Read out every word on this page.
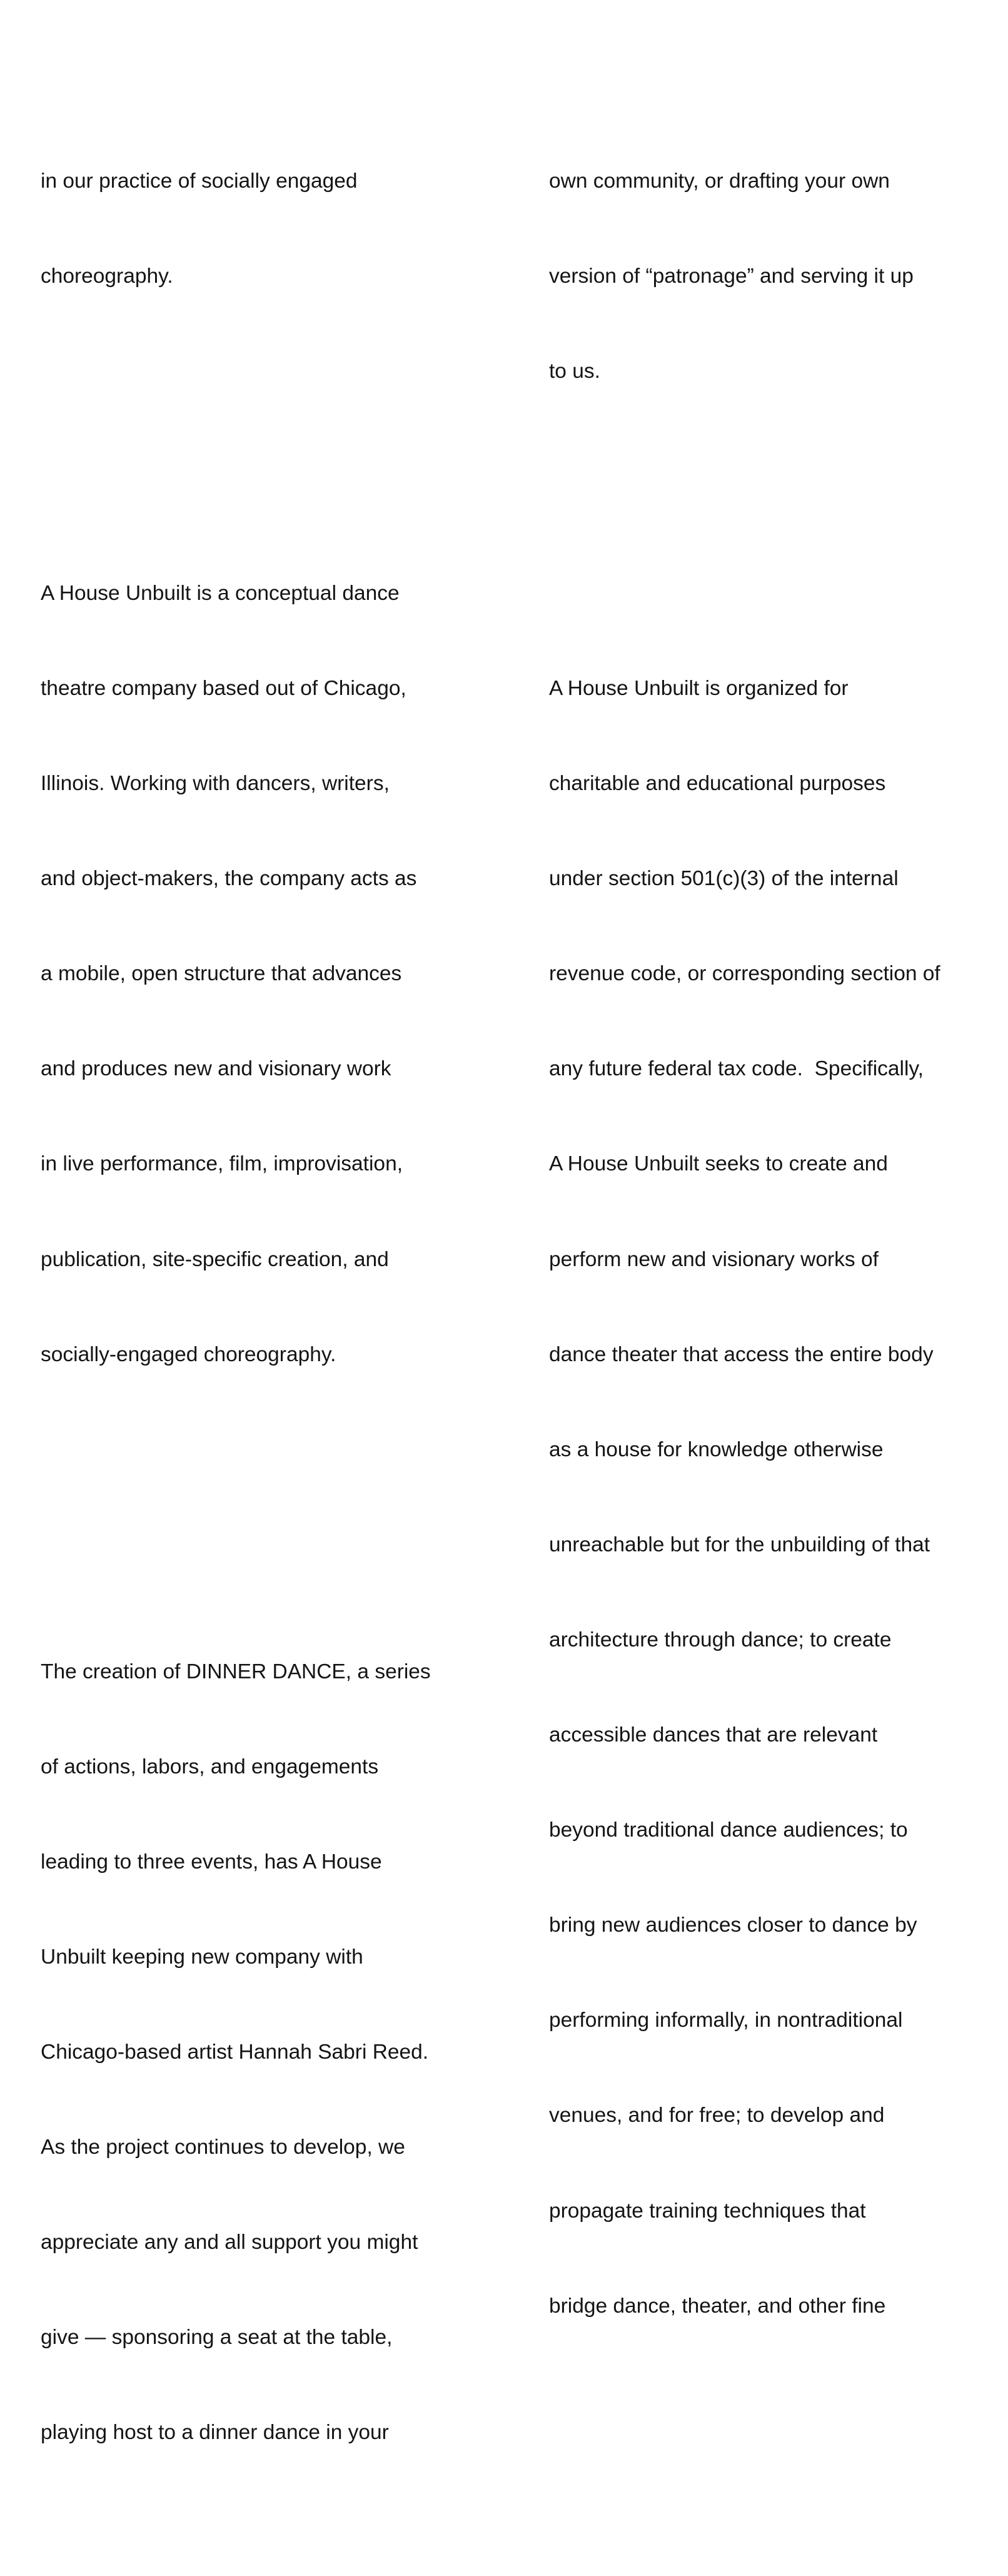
in our practice of socially engaged

choreography.

A House Unbuilt is a conceptual dance

theatre company based out of Chicago,

Illinois. Working with dancers, writers,

and object-makers, the company acts as

a mobile, open structure that advances

and produces new and visionary work

in live performance, film, improvisation,

publication, site-specific creation, and

socially-engaged choreography.

The creation of DINNER DANCE, a series

of actions, labors, and engagements

leading to three events, has A House

Unbuilt keeping new company with

Chicago-based artist Hannah Sabri Reed.

As the project continues to develop, we

appreciate any and all support you might

give — sponsoring a seat at the table,

playing host to a dinner dance in your

own community, or drafting your own

version of “patronage” and serving it up

to us.

A House Unbuilt is organized for

charitable and educational purposes

under section 501(c)(3) of the internal

revenue code, or corresponding section of

any future federal tax code.  Specifically,

A House Unbuilt seeks to create and

perform new and visionary works of

dance theater that access the entire body

as a house for knowledge otherwise

unreachable but for the unbuilding of that

architecture through dance; to create

accessible dances that are relevant

beyond traditional dance audiences; to

bring new audiences closer to dance by

performing informally, in nontraditional

venues, and for free; to develop and

propagate training techniques that

bridge dance, theater, and other fine
